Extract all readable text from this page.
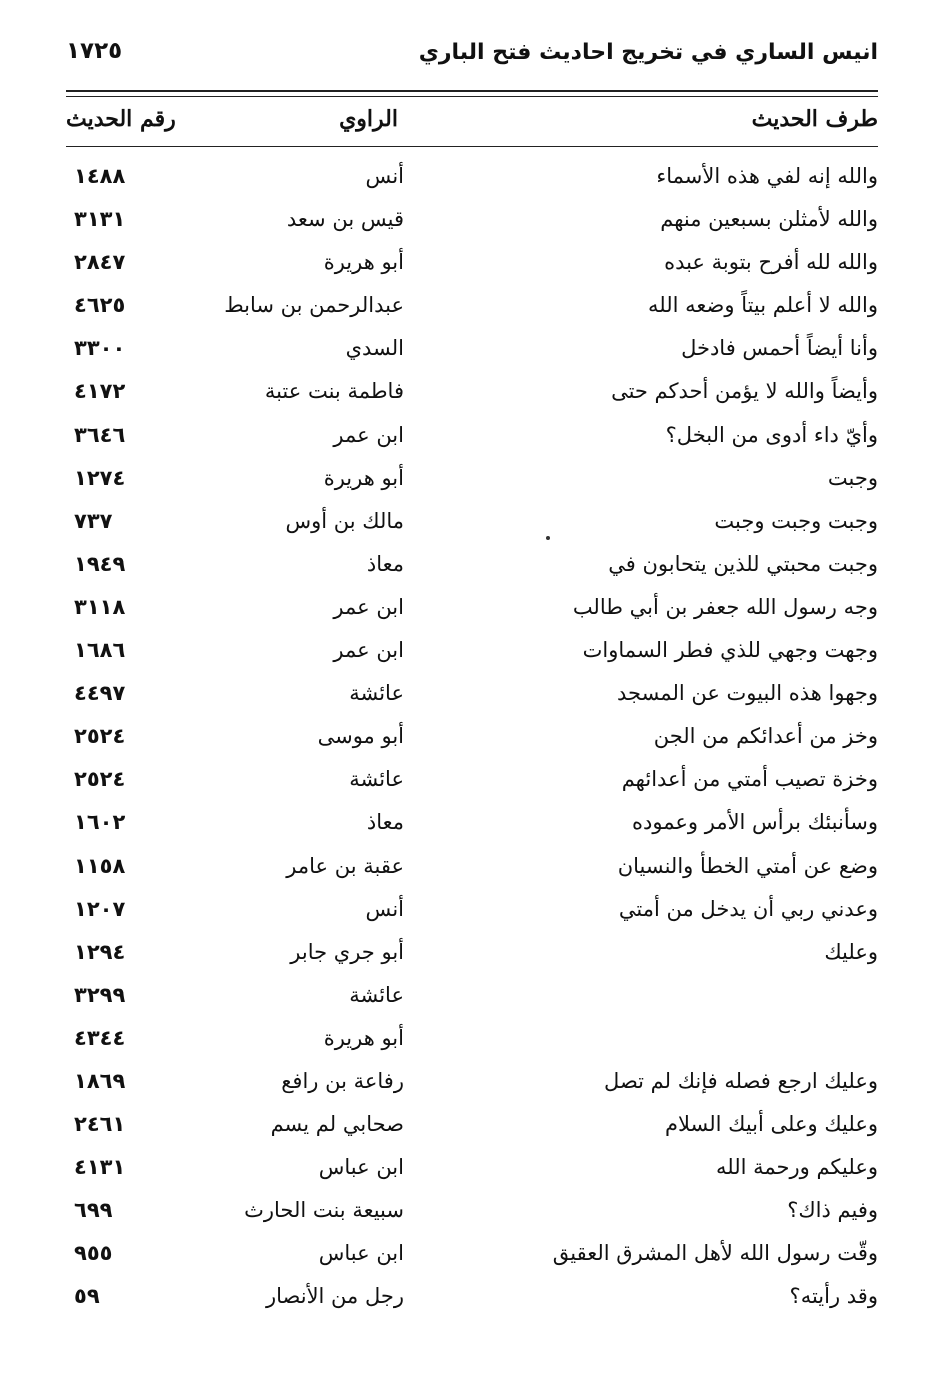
انيس الساري في تخريج احاديث فتح الباري
١٧٢٥
طرف الحديث
الراوي
رقم الحديث
والله إنه لفي هذه الأسماء
أنس
١٤٨٨
والله لأمثلن بسبعين منهم
قيس بن سعد
٣١٣١
والله لله أفرح بتوبة عبده
أبو هريرة
٢٨٤٧
والله لا أعلم بيتاً وضعه الله
عبدالرحمن بن سابط
٤٦٢٥
وأنا أيضاً أحمس فادخل
السدي
٣٣٠٠
وأيضاً والله لا يؤمن أحدكم حتى
فاطمة بنت عتبة
٤١٧٢
وأيّ داء أدوى من البخل؟
ابن عمر
٣٦٤٦
وجبت
أبو هريرة
١٢٧٤
وجبت وجبت وجبت
مالك بن أوس
٧٣٧
وجبت محبتي للذين يتحابون في
معاذ
١٩٤٩
وجه رسول الله جعفر بن أبي طالب
ابن عمر
٣١١٨
وجهت وجهي للذي فطر السماوات
ابن عمر
١٦٨٦
وجهوا هذه البيوت عن المسجد
عائشة
٤٤٩٧
وخز من أعدائكم من الجن
أبو موسى
٢٥٢٤
وخزة تصيب أمتي من أعدائهم
عائشة
٢٥٢٤
وسأنبئك برأس الأمر وعموده
معاذ
١٦٠٢
وضع عن أمتي الخطأ والنسيان
عقبة بن عامر
١١٥٨
وعدني ربي أن يدخل من أمتي
أنس
١٢٠٧
وعليك
أبو جري جابر
١٢٩٤
عائشة
٣٢٩٩
أبو هريرة
٤٣٤٤
وعليك ارجع فصله فإنك لم تصل
رفاعة بن رافع
١٨٦٩
وعليك وعلى أبيك السلام
صحابي لم يسم
٢٤٦١
وعليكم ورحمة الله
ابن عباس
٤١٣١
وفيم ذاك؟
سبيعة بنت الحارث
٦٩٩
وقّت رسول الله لأهل المشرق العقيق
ابن عباس
٩٥٥
وقد رأيته؟
رجل من الأنصار
٥٩
